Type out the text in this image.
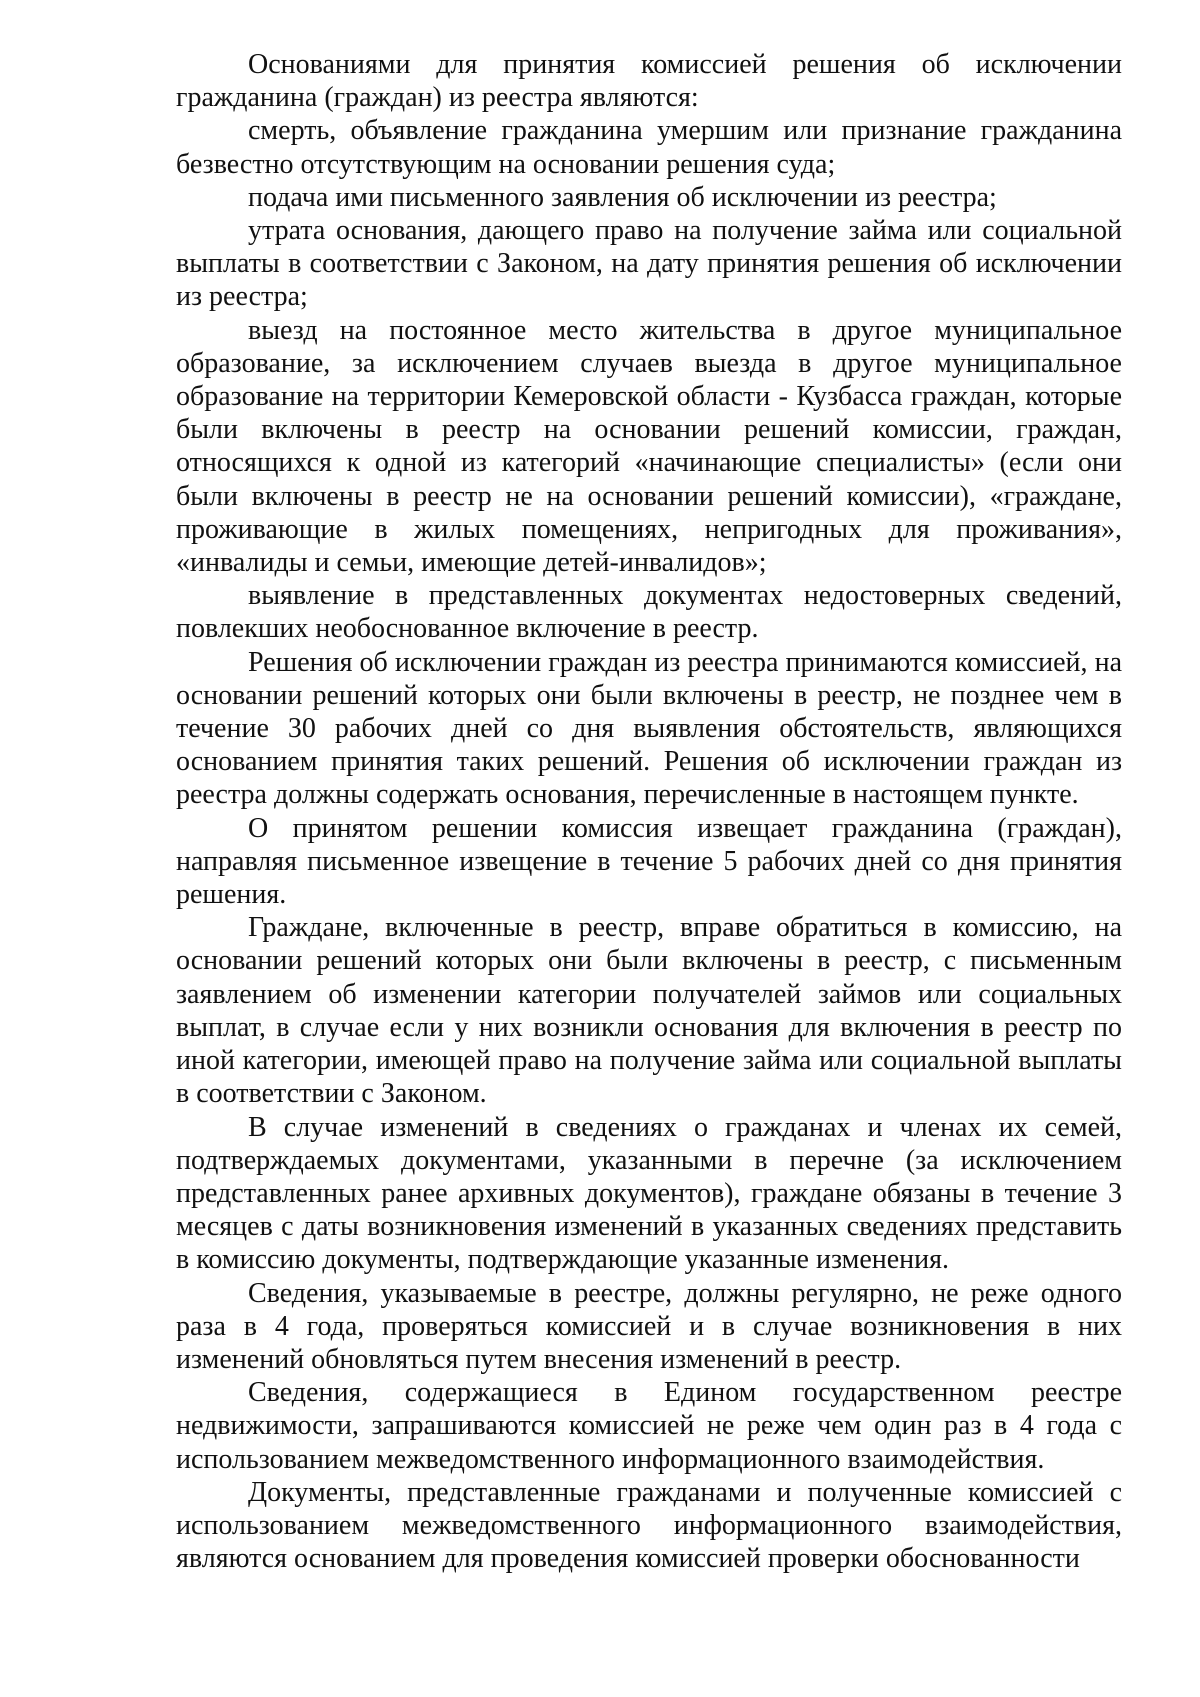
Основаниями для принятия комиссией решения об исключении гражданина (граждан) из реестра являются:

смерть, объявление гражданина умершим или признание гражданина безвестно отсутствующим на основании решения суда;

подача ими письменного заявления об исключении из реестра;

утрата основания, дающего право на получение займа или социальной выплаты в соответствии с Законом, на дату принятия решения об исключении из реестра;

выезд на постоянное место жительства в другое муниципальное образование, за исключением случаев выезда в другое муниципальное образование на территории Кемеровской области - Кузбасса граждан, которые были включены в реестр на основании решений комиссии, граждан, относящихся к одной из категорий «начинающие специалисты» (если они были включены в реестр не на основании решений комиссии), «граждане, проживающие в жилых помещениях, непригодных для проживания», «инвалиды и семьи, имеющие детей-инвалидов»;

выявление в представленных документах недостоверных сведений, повлекших необоснованное включение в реестр.

Решения об исключении граждан из реестра принимаются комиссией, на основании решений которых они были включены в реестр, не позднее чем в течение 30 рабочих дней со дня выявления обстоятельств, являющихся основанием принятия таких решений. Решения об исключении граждан из реестра должны содержать основания, перечисленные в настоящем пункте.

О принятом решении комиссия извещает гражданина (граждан), направляя письменное извещение в течение 5 рабочих дней со дня принятия решения.

Граждане, включенные в реестр, вправе обратиться в комиссию, на основании решений которых они были включены в реестр, с письменным заявлением об изменении категории получателей займов или социальных выплат, в случае если у них возникли основания для включения в реестр по иной категории, имеющей право на получение займа или социальной выплаты в соответствии с Законом.

В случае изменений в сведениях о гражданах и членах их семей, подтверждаемых документами, указанными в перечне (за исключением представленных ранее архивных документов), граждане обязаны в течение 3 месяцев с даты возникновения изменений в указанных сведениях представить в комиссию документы, подтверждающие указанные изменения.

Сведения, указываемые в реестре, должны регулярно, не реже одного раза в 4 года, проверяться комиссией и в случае возникновения в них изменений обновляться путем внесения изменений в реестр.

Сведения, содержащиеся в Едином государственном реестре недвижимости, запрашиваются комиссией не реже чем один раз в 4 года с использованием межведомственного информационного взаимодействия.

Документы, представленные гражданами и полученные комиссией с использованием межведомственного информационного взаимодействия, являются основанием для проведения комиссией проверки обоснованности
